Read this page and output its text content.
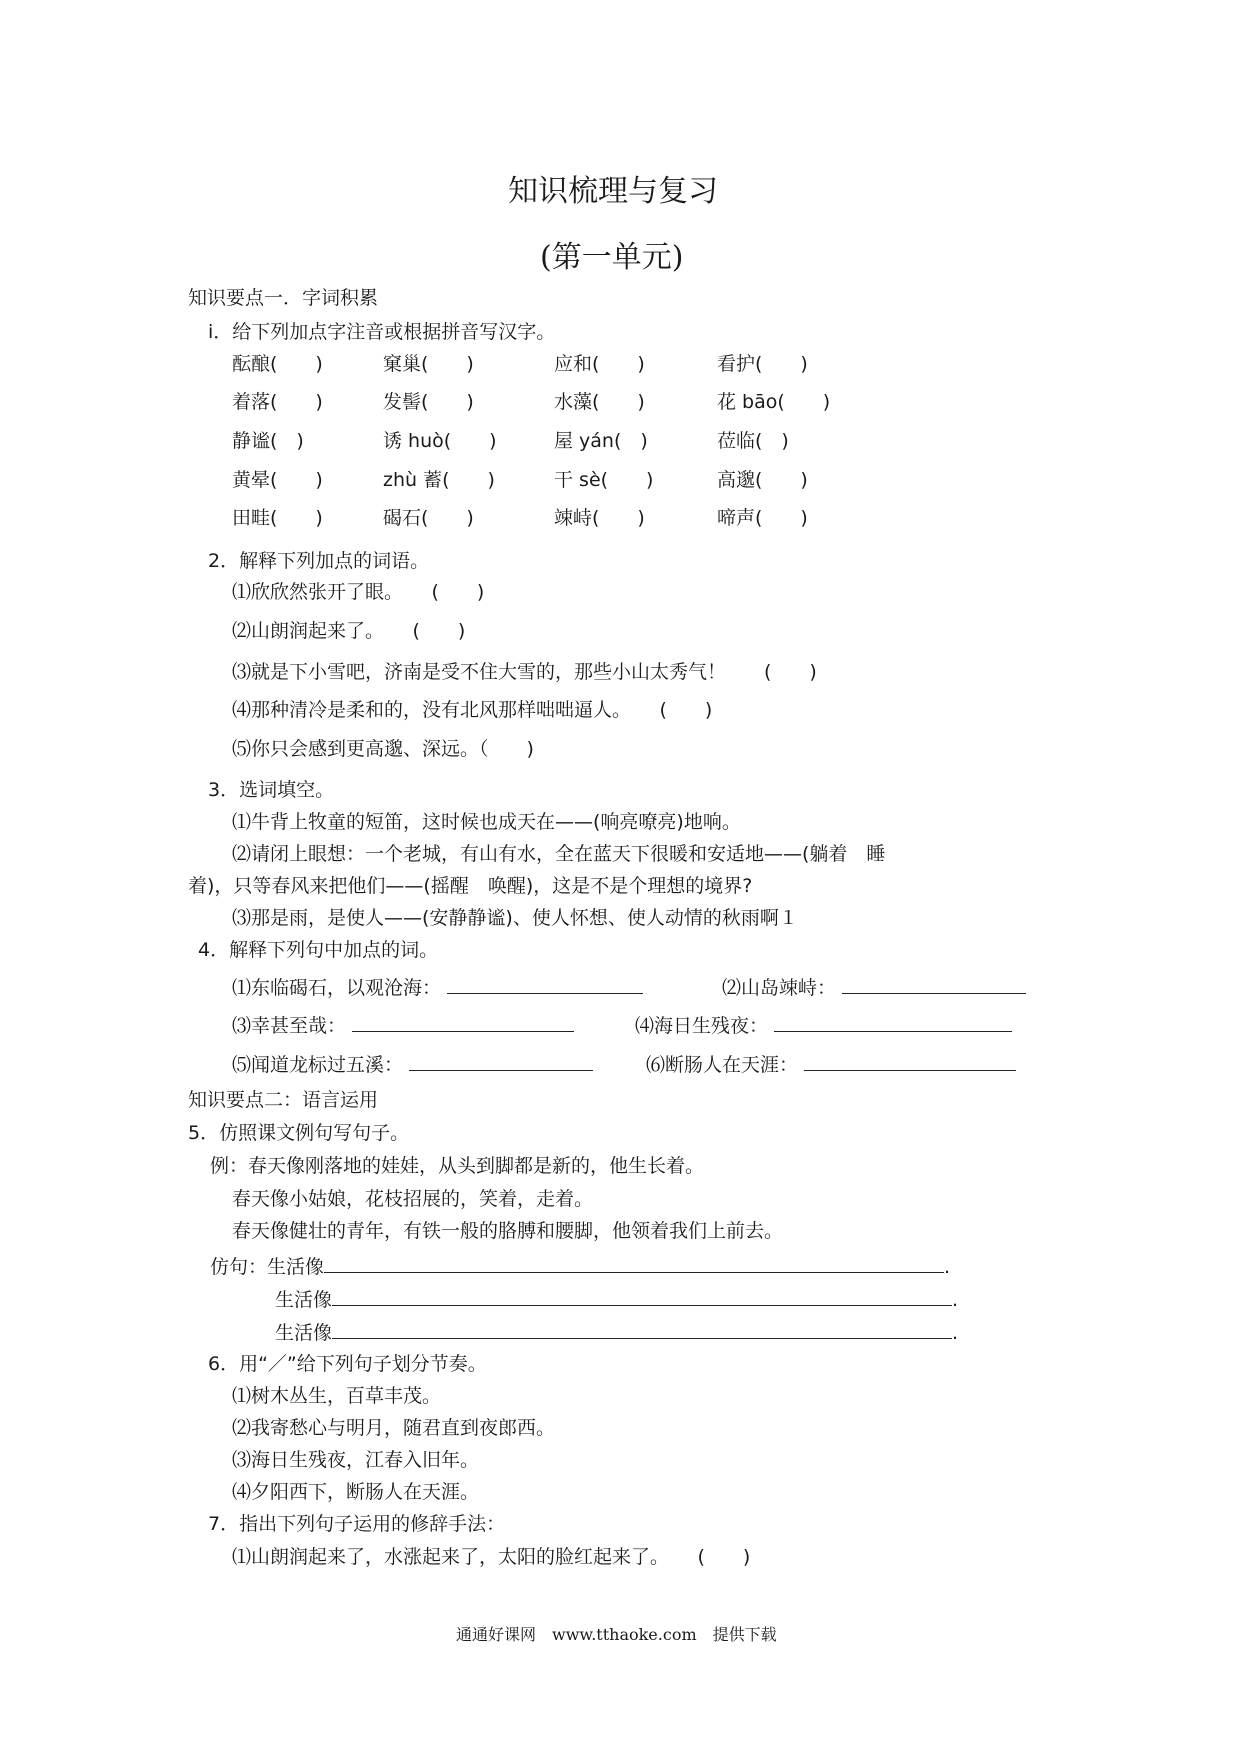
知识梳理与复习
(第一单元)
知识要点一．字词积累
i．给下列加点字注音或根据拼音写汉字。
酝酿(　　)	窠巢(　　)	应和(　　)	看护(　　)
着落(　　)	发髻(　　)	水藻(　　)	花 bāo(　　)
静谧(　)	诱 huò(　　)	屋 yán(　)	莅临(　)
黄晕(　　)	zhù 蓄(　　)	干 sè(　　)	高邈(　　)
田畦(　　)	碣石(　　)	竦峙(　　)	啼声(　　)
2．解释下列加点的词语。
⑴欣欣然张开了眼。　　(　　)
⑵山朗润起来了。　　(　　)
⑶就是下小雪吧，济南是受不住大雪的，那些小山太秀气！　　(　　)
⑷那种清冷是柔和的，没有北风那样咄咄逼人。　　(　　)
⑸你只会感到更高邈、深远。（　　)
3．选词填空。
⑴牛背上牧童的短笛，这时候也成天在——(响亮嘹亮)地响。
⑵请闭上眼想：一个老城，有山有水，全在蓝天下很暖和安适地——(躺着　睡
着)，只等春风来把他们——(摇醒　唤醒)，这是不是个理想的境界?
⑶那是雨，是使人——(安静静谧)、使人怀想、使人动情的秋雨啊１
4．解释下列句中加点的词。
⑴东临碣石，以观沧海：	⑵山岛竦峙：
⑶幸甚至哉：	⑷海日生残夜：
⑸闻道龙标过五溪：	⑹断肠人在天涯：
知识要点二：语言运用
5．仿照课文例句写句子。
例：春天像刚落地的娃娃，从头到脚都是新的，他生长着。
春天像小姑娘，花枝招展的，笑着，走着。
春天像健壮的青年，有铁一般的胳膊和腰脚，他领着我们上前去。
仿句：生活像	.
生活像	.
生活像	.
6．用“／”给下列句子划分节奏。
⑴树木丛生，百草丰茂。
⑵我寄愁心与明月，随君直到夜郎西。
⑶海日生残夜，江春入旧年。
⑷夕阳西下，断肠人在天涯。
7．指出下列句子运用的修辞手法：
⑴山朗润起来了，水涨起来了，太阳的脸红起来了。　　(　　)
通通好课网　www.tthaoke.com　提供下载
